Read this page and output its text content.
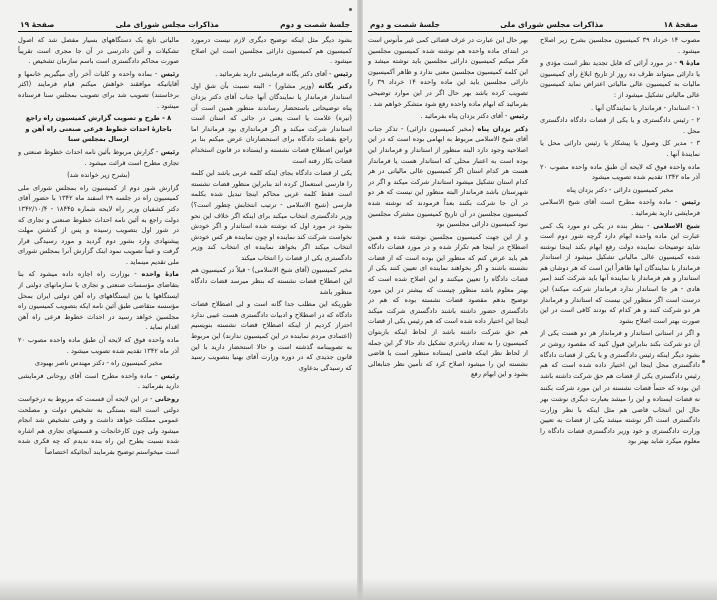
جلسهٔ شصت و دوم
مذاکرات مجلس شورای ملی
صفحهٔ ۱۹

بشود دیگر مثل اینکه توضیح دیگری لازم نیست درمورد کمیسیون هم کمیسیون دارائی مجلسین است این اصلاح میشود .

رئیس - آقای دکتر یگانه فرمایشی دارید بفرمائید .

دکتر یگانه (وزیر مشاور) - البته نسبت بآن شق اول استاندار فرماندار یا نمایندگان آنها جناب آقای دکتر یزدان پناه توضیحاتی باستحضار رساندند منظور همین است آن (تیره) علامت یا است یعنی در جائی که استان است استاندار شرکت میکند و اگر فرمانداری بود فرماندار اما راجع بقضات دادگاه برای استحضارتان عرض میکنم بنا بر قوانین اصطلاح قضات نشسته و ایستاده در قانون استخدام قضات بکار رفته است

یکی از قضات دادگاه بجای اینکه کلمه عربی باشد این کلمه را فارسی استعمال کرده اند بنابراین منظور قضات نشسته است فقط کلمه عربی محاکم اینجا تبدیل شده بکلمه فارسی (شیخ الاسلامی - ترتیب انتخابش چطور است؟) وزیر دادگستری انتخاب میکند برای اینکه اگر خلاف این نحو بشود در مورد اول که نوشته شده استاندار و اگر خودش نخواست شرکت کند نماینده او چون نماینده هر کس خودش انتخاب میکند اگر بخواهد نماینده ای انتخاب کند وزیر دادگستری یکی از قضات را انتخاب میکند

مخبر کمیسیون (آقای شیخ الاسلامی) - قبلاً در کمیسیون هم این اصطلاح قضات نشسته که بنظر میرسد قضات دادگاه منظور باشد

طوریکه این مطلب جدا گانه است و لی اصطلاح قضات دادگاه که در اصطلاح و ادبیات دادگستری هست عیبی ندارد احتراز کردیم از اینکه اصطلاح قضات نشسته بنویسیم (اعتمادی مردم نماینده در این کمیسیون ندارند) این مربوط به تصویبنامه گذشته است و حالا استحضار دارید با این قانون جدیدی که در دوره وزارت آقای بهنیا بتصویب رسید که رسیدگی بدعاوی

مالیاتی تابع یک دستگاههای بسیار مفصل شد که اصول تشکیلات و آئین دادرسی در آن جا مجری است تقریباً صورت محاکم دادگستری است باسم سازمان تشخیص .

رئیس - بماده واحده و کلیات آخر رأی میگیریم خانمها و آقایانیکه موافقند خواهش میکنم قیام فرمایند (اکثر برخاستند) تصویب شد برای تصویب بمجلس سنا فرستاده میشود .

۸ - طرح و تصویب گزارش کمیسیون راه راجع باجازهٔ احداث خطوط فرعی صنعتی راه آهن و ارسال بمجلس سنا

رئیس - گزارش مربوط بآئین نامه احداث خطوط صنعتی و تجاری مطرح است قرائت میشود .

(بشرح زیر خوانده شد)

گزارش شور دوم از کمیسیون راه بمجلس شورای ملی کمیسیون راه در جلسه ۲۹ اسفند ماه ۱۳۴۲ با حضور آقای دکتر کشفیان وزیر راه لایحه شماره ۱۸۴۴۵ - ۱۳۴۲/۱۰/۴ دولت راجع به آئین نامه احداث خطوط صنعتی و تجاری که در شور اول بتصویب رسیده و پس از گذشتن مهلت پیشنهادی وارد بشور دوم گردید و مورد رسیدگی قرار گرفت و عیناً تصویب نمود اینک گزارش آنرا بمجلس شورای ملی تقدیم مینماید .

مادهٔ واحده - بوزارت راه اجازه داده میشود که بنا بتقاضای مؤسسات صنعتی و تجاری یا سازمانهای دولتی از ایستگاهها یا بین ایستگاههای راه آهن دولتی ایران بمحل مؤسسه متقاضی طبق آئین نامه ایکه بتصویب کمیسیون راه مجلسین خواهد رسید در احداث خطوط فرعی راه آهن اقدام نماید .

ماده واحده فوق که لایحه آن طبق ماده واحده مصوب ۲۰ آذر ماه ۱۳۴۲ تقدیم شده تصویب میشود .

مخبر کمیسیون راه - دکتر مهندس ناصر بهبودی

رئیس - ماده واحده مطرح است آقای روحانی فرمایشی دارید بفرمائید .

روحانی - در این لایحه آن قسمت که مربوط به درخواست دولتی است البته بستگی به تشخیص دولت و مصلحت عمومی مملکت خواهد داشت و وقتی تشخیص شد انجام میشود ولی چون کارخانجات و قسمتهای تجاری هم اشاره شده نسبت بطرح این راه بنده ندیدم که چه فکری شده است میخواستم توضیح بفرمایند آنجائیکه اختصاصاً

صفحهٔ ۱۸
مذاکرات مجلس شورای ملی
جلسهٔ شصت و دوم

مصوب ۱۴ خرداد ۳۹ کمیسیون مجلسین بشرح زیر اصلاح میشود .

مادهٔ ۹ - در مورد آرائی که قابل تجدید نظر است مؤدی و یا دارائی میتواند ظرف ده روز از تاریخ ابلاغ رأی کمیسیون مالیات به کمیسیون عالی مالیاتی اعتراض نماید کمیسیون عالی مالیاتی تشکیل میشود از :

۱ - استاندار - فرماندار یا نمایندگان آنها .

۲ - رئیس دادگستری و یا یکی از قضات دادگاه دادگستری محل .

۳ - مدیر کل وصول یا پیشکار یا رئیس دارائی محل یا نمایندهٔ آنها .

ماده واحده فوق که لایحه آن طبق ماده واحده مصوب ۲۰ آذر ماه ۱۳۴۲ تقدیم شده تصویب میشود

مخبر کمیسیون دارائی - دکتر یزدان پناه

رئیس - ماده واحده مطرح است آقای شیخ الاسلامی فرمایشی دارید بفرمائید .

شیخ الاسلامی - بنظر بنده در یکی دو مورد یک کمی عبارت این ماده واحده ابهام دارد گرچه شور دوم است شاید توضیحات نماینده دولت رفع ابهام بکند اینجا نوشته شده کمیسیون عالی مالیاتی تشکیل میشود از استاندار فرماندار یا نمایندگان آنها ظاهراً این است که هر دوشان هم استاندار و هم فرماندار یا نماینده آنها باید شرکت کنند (میر هادی - هر جا استاندار ندارد فرماندار شرکت میکند) این درست است اگر منظور این نیست که استاندار و فرماندار هر دو شرکت کنند و هر کدام که بودند کافی است در این صورت بهتر است اصلاح بشود

و اگر در استانی استاندار و فرماندار هر دو هست یکی از آن دو شرکت بکند بنابراین قبول کنید که مقصود روشن تر بشود دیگر اینکه رئیس دادگستری و یا یکی از قضات دادگاه دادگستری محل اینجا این اختیار داده شده است که هم رئیس دادگستری یکی از قضات هم حق شرکت داشته باشد

این بوده که حتماً قضات نشسته در این مورد شرکت بکنند نه قضات ایستاده و این را میشد بعبارت دیگری نوشت بهر حال این انتخاب قاضی هم مثل اینکه با نظر وزارت دادگستری است اگر نوشته میشد یکی از قضات به تعیین وزارت دادگستری و خود وزیر دادگستری قضات دادگاه را معلوم میکرد شاید بهتر بود

بهر حال این عبارت در عرف قضائی کمی غیر مأنوس است در ابتدای ماده واحده هم نوشته شده کمیسیون مجلسین فکر میکنم کمیسیون دارائی مجلسین باید نوشته میشد و این کلمه کمیسیون مجلسین معنی ندارد و ظاهر آکمیسیون دارائی مجلسین باید این ماده واحده ۱۴ خرداد ۳۹ را تصویب کرده باشد بهر حال اگر در این موارد توضیحی بفرمائید که ابهام ماده واحده رفع شود متشکر خواهم شد .

رئیس - آقای دکتر یزدان پناه بفرمائید .

دکتر یزدان پناه (مخبر کمیسیون دارائی) - تذکر جناب آقای شیخ الاسلامی مربوط به ابهامی بوده است که در این اصلاحیه وجود دارد البته منظور از استاندار و فرماندار این بوده است به اعتبار محلی که استاندار هست یا فرماندار هست هر کدام استان اگر کمیسیون عالی مالیاتی در هر کدام استان تشکیل میشود استاندار شرکت میکند و اگر در شهرستان باشد فرماندار البته منظور این نیست که هر دو در آن جا شرکت بکنند بعداً فرمودند که نوشته شده کمیسیون مجلسین در آن تاریخ کمیسیون مشترک مجلسین نبود کمیسیون دارائی مجلسین بود

و از این جهت کمیسیون مجلسین نوشته شده و همین اصطلاح در اینجا هم تکرار شده و در مورد قضات دادگاه هم باید عرض کنم که منظور این بوده است که از قضات نشسته باشند و اگر بخواهند نماینده ای تعیین کنند یکی از قضات دادگاه را تعیین میکنند و این اصلاح شده است که بهتر معلوم باشد منظور چیست که بیشتر در این مورد توضیح بدهم مقصود قضات نشسته بوده که هم در دادگستری حضور داشته باشند دادگستری شرکت میکند اینجا این اختیار داده شده است که هم رئیس یکی از قضات هم حق شرکت داشته باشد از لحاظ اینکه بازبتوان کمیسیون را به تعداد زیادتری تشکیل داد حالا گر این جمله از لحاظ نظر اینکه قاضی ایستاده منظور است یا قاضی نشسته این را میشود اصلاح کرد که تأمین نظر جنابعالی بشود و این ابهام رفع
